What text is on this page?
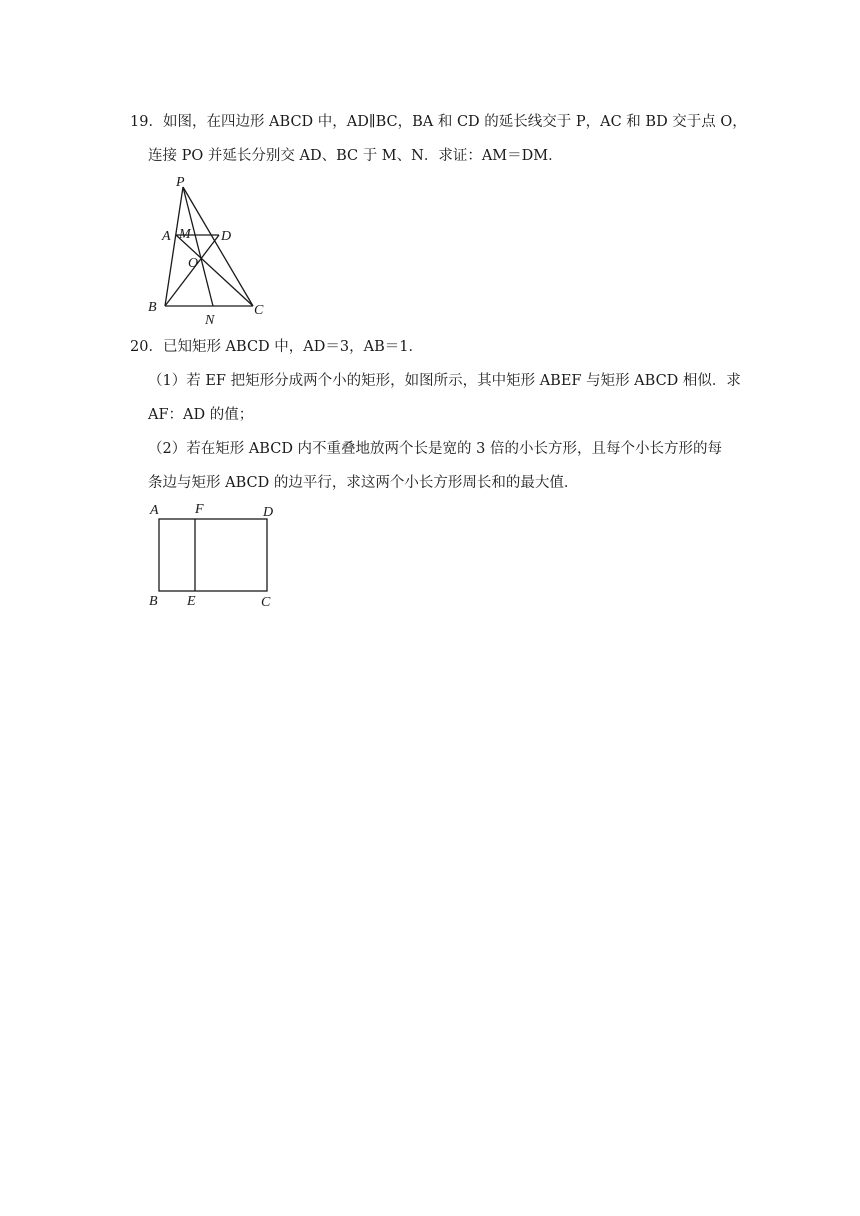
19．如图，在四边形 ABCD 中，AD∥BC，BA 和 CD 的延长线交于 P，AC 和 BD 交于点 O，
连接 PO 并延长分别交 AD、BC 于 M、N．求证：AM＝DM．
P
A M D
O
B
N
C
20．已知矩形 ABCD 中，AD＝3，AB＝1．
（1）若 EF 把矩形分成两个小的矩形，如图所示，其中矩形 ABEF 与矩形 ABCD 相似．求
AF：AD 的值；
（2）若在矩形 ABCD 内不重叠地放两个长是宽的 3 倍的小长方形，且每个小长方形的每
条边与矩形 ABCD 的边平行，求这两个小长方形周长和的最大值．
A	F	D
B E	C
